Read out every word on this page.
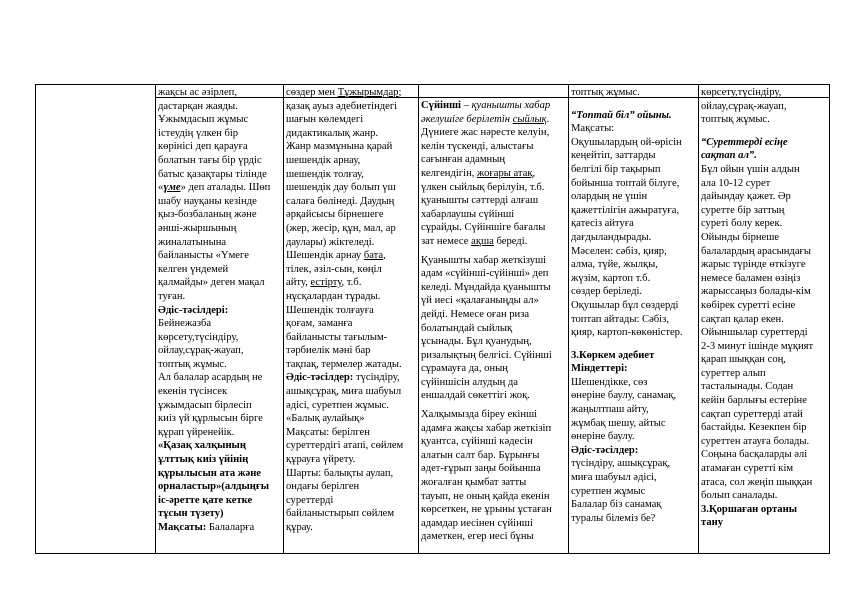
жақсы ас әзірлеп,

дастарқан жаяды.

Ұжымдасып жұмыс

істеудің үлкен бір

көрінісі деп қарауға

болатын тағы бір үрдіс

батыс қазақтары тілінде

«үме» деп аталады. Шөп

шабу науқаны кезінде

қыз-бозбаланың және

әнші-жыршының

жиналатынына

байланысты «Үмеге

келген үндемей

қалмайды» деген мақал

туған.

Әдіс-тәсілдері:

Бейнежазба

көрсету,түсіндіру,

ойлау,сұрақ-жауап,

топтық жұмыс.

Ал балалар асардың не

екенін түсінсек

ұжымдасып бірлесіп

киіз үй құрлысын бірге

құрап үйренейік.

«Қазақ халқының

ұлттық киіз үйінің

құрылысын ата және

орналастыр»(алдыңғы

іс-әретте қате кетке

тұсын түзету)

Мақсаты: Балаларға

сөздер мен Тұжырымдар;

қазақ ауыз әдебиетіндегі

шағын көлемдегі

дидактикалық жанр.

Жанр мазмұнына қарай

шешендік арнау,

шешендік толғау,

шешендік дау болып үш

салаға бөлінеді. Даудың

әрқайсысы бірнешеге

(жер, жесір, құн, мал, ар

даулары) жіктеледі.

Шешендік арнау бата,

тілек, әзіл-сын, көңіл

айту, естірту, т.б.

нұсқалардан тұрады.

Шешендік толғауға

қоғам, заманға

байланысты тағылым-

тәрбиелік мәні бар

тақпақ, термелер жатады.

Әдіс-тәсілдер: түсіндіру,

ашықсұрақ, миға шабуыл

әдісі, суретпен жұмыс.

«Балық аулайық»

Мақсаты: берілген

суреттердігі атапі, сөйлем

құрауға үйрету.

Шарты: балықты аулап,

ондағы берілген

суреттерді

байланыстырып сөйлем

құрау.

Сүйінші – қуанышты хабар

әкелушіге берілетін сыйлық.

Дүниеге жас нәресте келуін,

келін түскенді, алыстағы

сағынған адамның

келгендігін, жоғары атақ,

үлкен сыйлық берілуін, т.б.

қуанышты сәттерді алғаш

хабарлаушы сүйінші

сұрайды. Сүйіншіге бағалы

зат немесе ақша береді.

Қуанышты хабар жеткізуші

адам «сүйінші-сүйінші» деп

келеді. Мұндайда қуанышты

үй иесі «қалағаныңды ал»

дейді. Немесе оған риза

болатындай сыйлық

ұсынады. Бұл қуанудың,

ризалықтың белгісі. Сүйінші

сұрамауға да, оның

сүйіншісін алудың да

еншалдай сөкеттігі жоқ.

Халқымызда біреу екіншi

адамға жақсы хабар жеткізіп

қуантса, сүйінші кәдесін

алатын салт бар. Бұрынғы

әдет-ғұрып заңы бойынша

жоғалған қымбат затты

тауып, не оның қайда екенін

көрсеткен, не ұрыны ұстаған

адамдар иесінен сүйінші

дәметкен, егер иесі бұны

топтық жұмыс.

“Топтай біл” ойыны.

Мақсаты:

Оқушылардың ой-өрісін

кеңейтіп, заттарды

белгілі бір тақырып

бойынша топтай білуге,

олардың не үшін

қажеттілігін ажыратуға,

қатесіз айтуға

дағдыландырады.

Мәселен: сәбіз, қияр,

алма, түйе, жылқы,

жүзім, картоп т.б.

сөздер беріледі.

Оқушылар бұл сөздерді

топтап айтады: Сәбіз,

қияр, картоп-көкөністер.

3.Көркем әдебиет

Міндеттері:

Шешендікке, сөз

өнеріне баулу, санамақ,

жаңылтпаш айту,

жұмбақ шешу, айтыс

өнеріне баулу.

Әдіс-тәсілдер:

түсіндіру, ашықсұрақ,

миға шабуыл әдісі,

суретпен жұмыс

Балалар біз санамақ

туралы білеміз бе?

көрсету,түсіндіру,

ойлау,сұрақ-жауап,

топтық жұмыс.

“Суреттерді есіңе

сақтап ал”.

Бұл ойын үшін алдын

ала 10-12 сурет

дайындау қажет. Әр

суретте бір заттың

суреті болу керек.

Ойынды бірнеше

балалардың арасындағы

жарыс түрінде өткізуге

немесе баламен өзіңіз

жарыссаңыз болады-кім

көбірек суретті есіне

сақтап қалар екен.

Ойыншылар суреттерді

2-3 минут ішінде мұқият

қарап шыққан соң,

суреттер алып

тасталынады. Содан

кейін барлығы естеріне

сақтап суреттерді атай

бастайды. Кезекпен бір

суреттен атауға болады.

Соңына басқаларды әлі

атамаған суретті кім

атаса, сол жеңіп шыққан

болып саналады.

3.Қоршаған ортаны

тану
